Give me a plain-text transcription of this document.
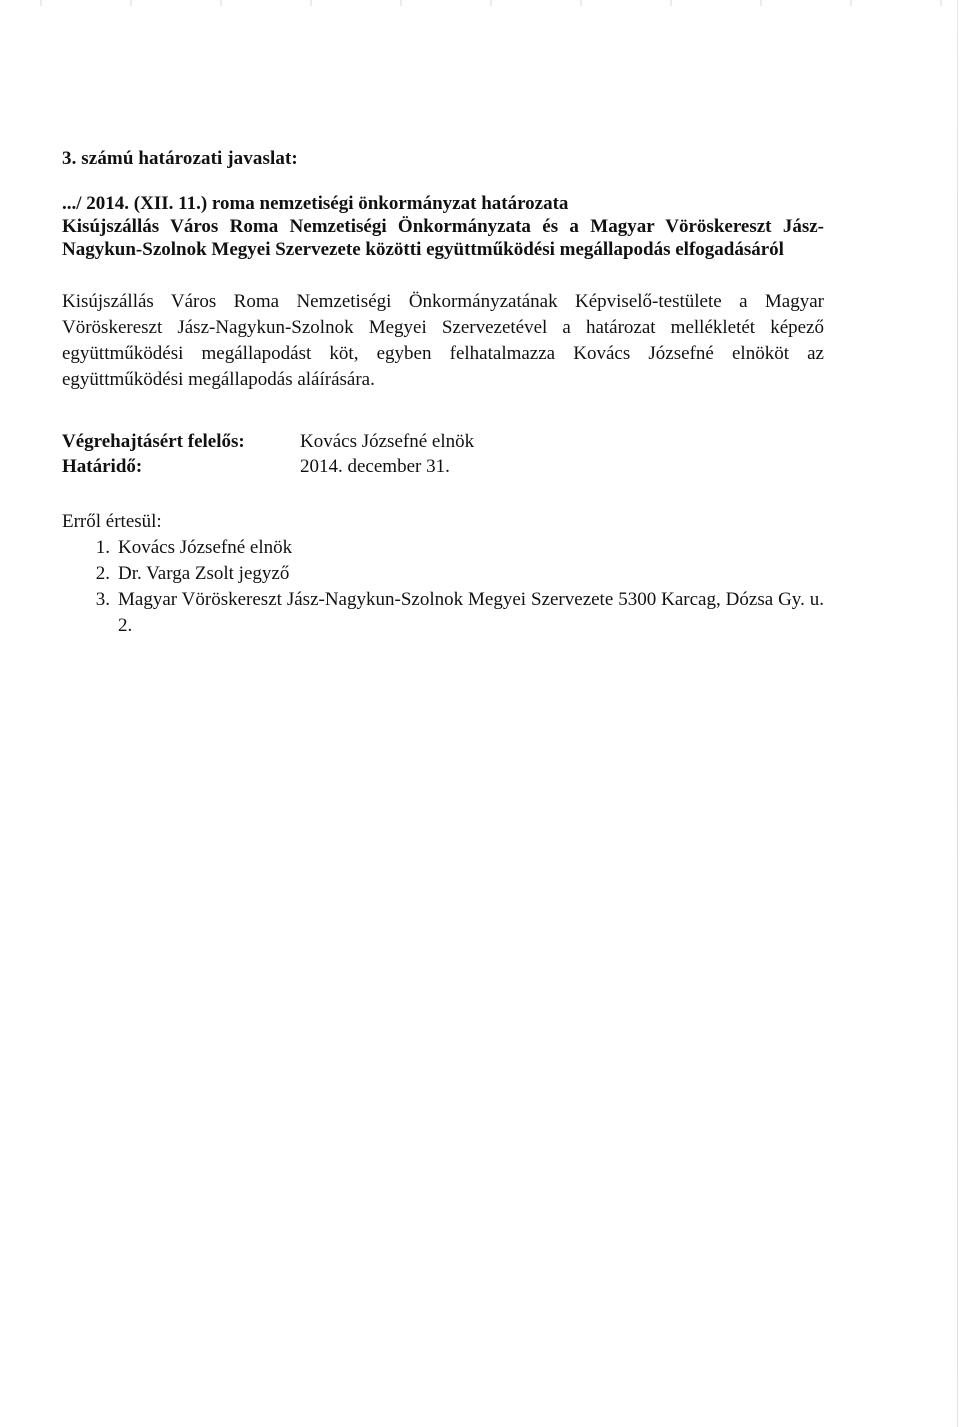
3. számú határozati javaslat:

.../ 2014. (XII. 11.) roma nemzetiségi önkormányzat határozata
Kisújszállás Város Roma Nemzetiségi Önkormányzata és a Magyar Vöröskereszt Jász-Nagykun-Szolnok Megyei Szervezete közötti együttműködési megállapodás elfogadásáról

Kisújszállás Város Roma Nemzetiségi Önkormányzatának Képviselő-testülete a Magyar Vöröskereszt Jász-Nagykun-Szolnok Megyei Szervezetével a határozat mellékletét képező együttműködési megállapodást köt, egyben felhatalmazza Kovács Józsefné elnököt az együttműködési megállapodás aláírására.

Végrehajtásért felelős:	Kovács Józsefné elnök
Határidő:	2014. december 31.
Erről értesül:
1. Kovács Józsefné elnök
2. Dr. Varga Zsolt jegyző
3. Magyar Vöröskereszt Jász-Nagykun-Szolnok Megyei Szervezete 5300 Karcag, Dózsa Gy. u. 2.
